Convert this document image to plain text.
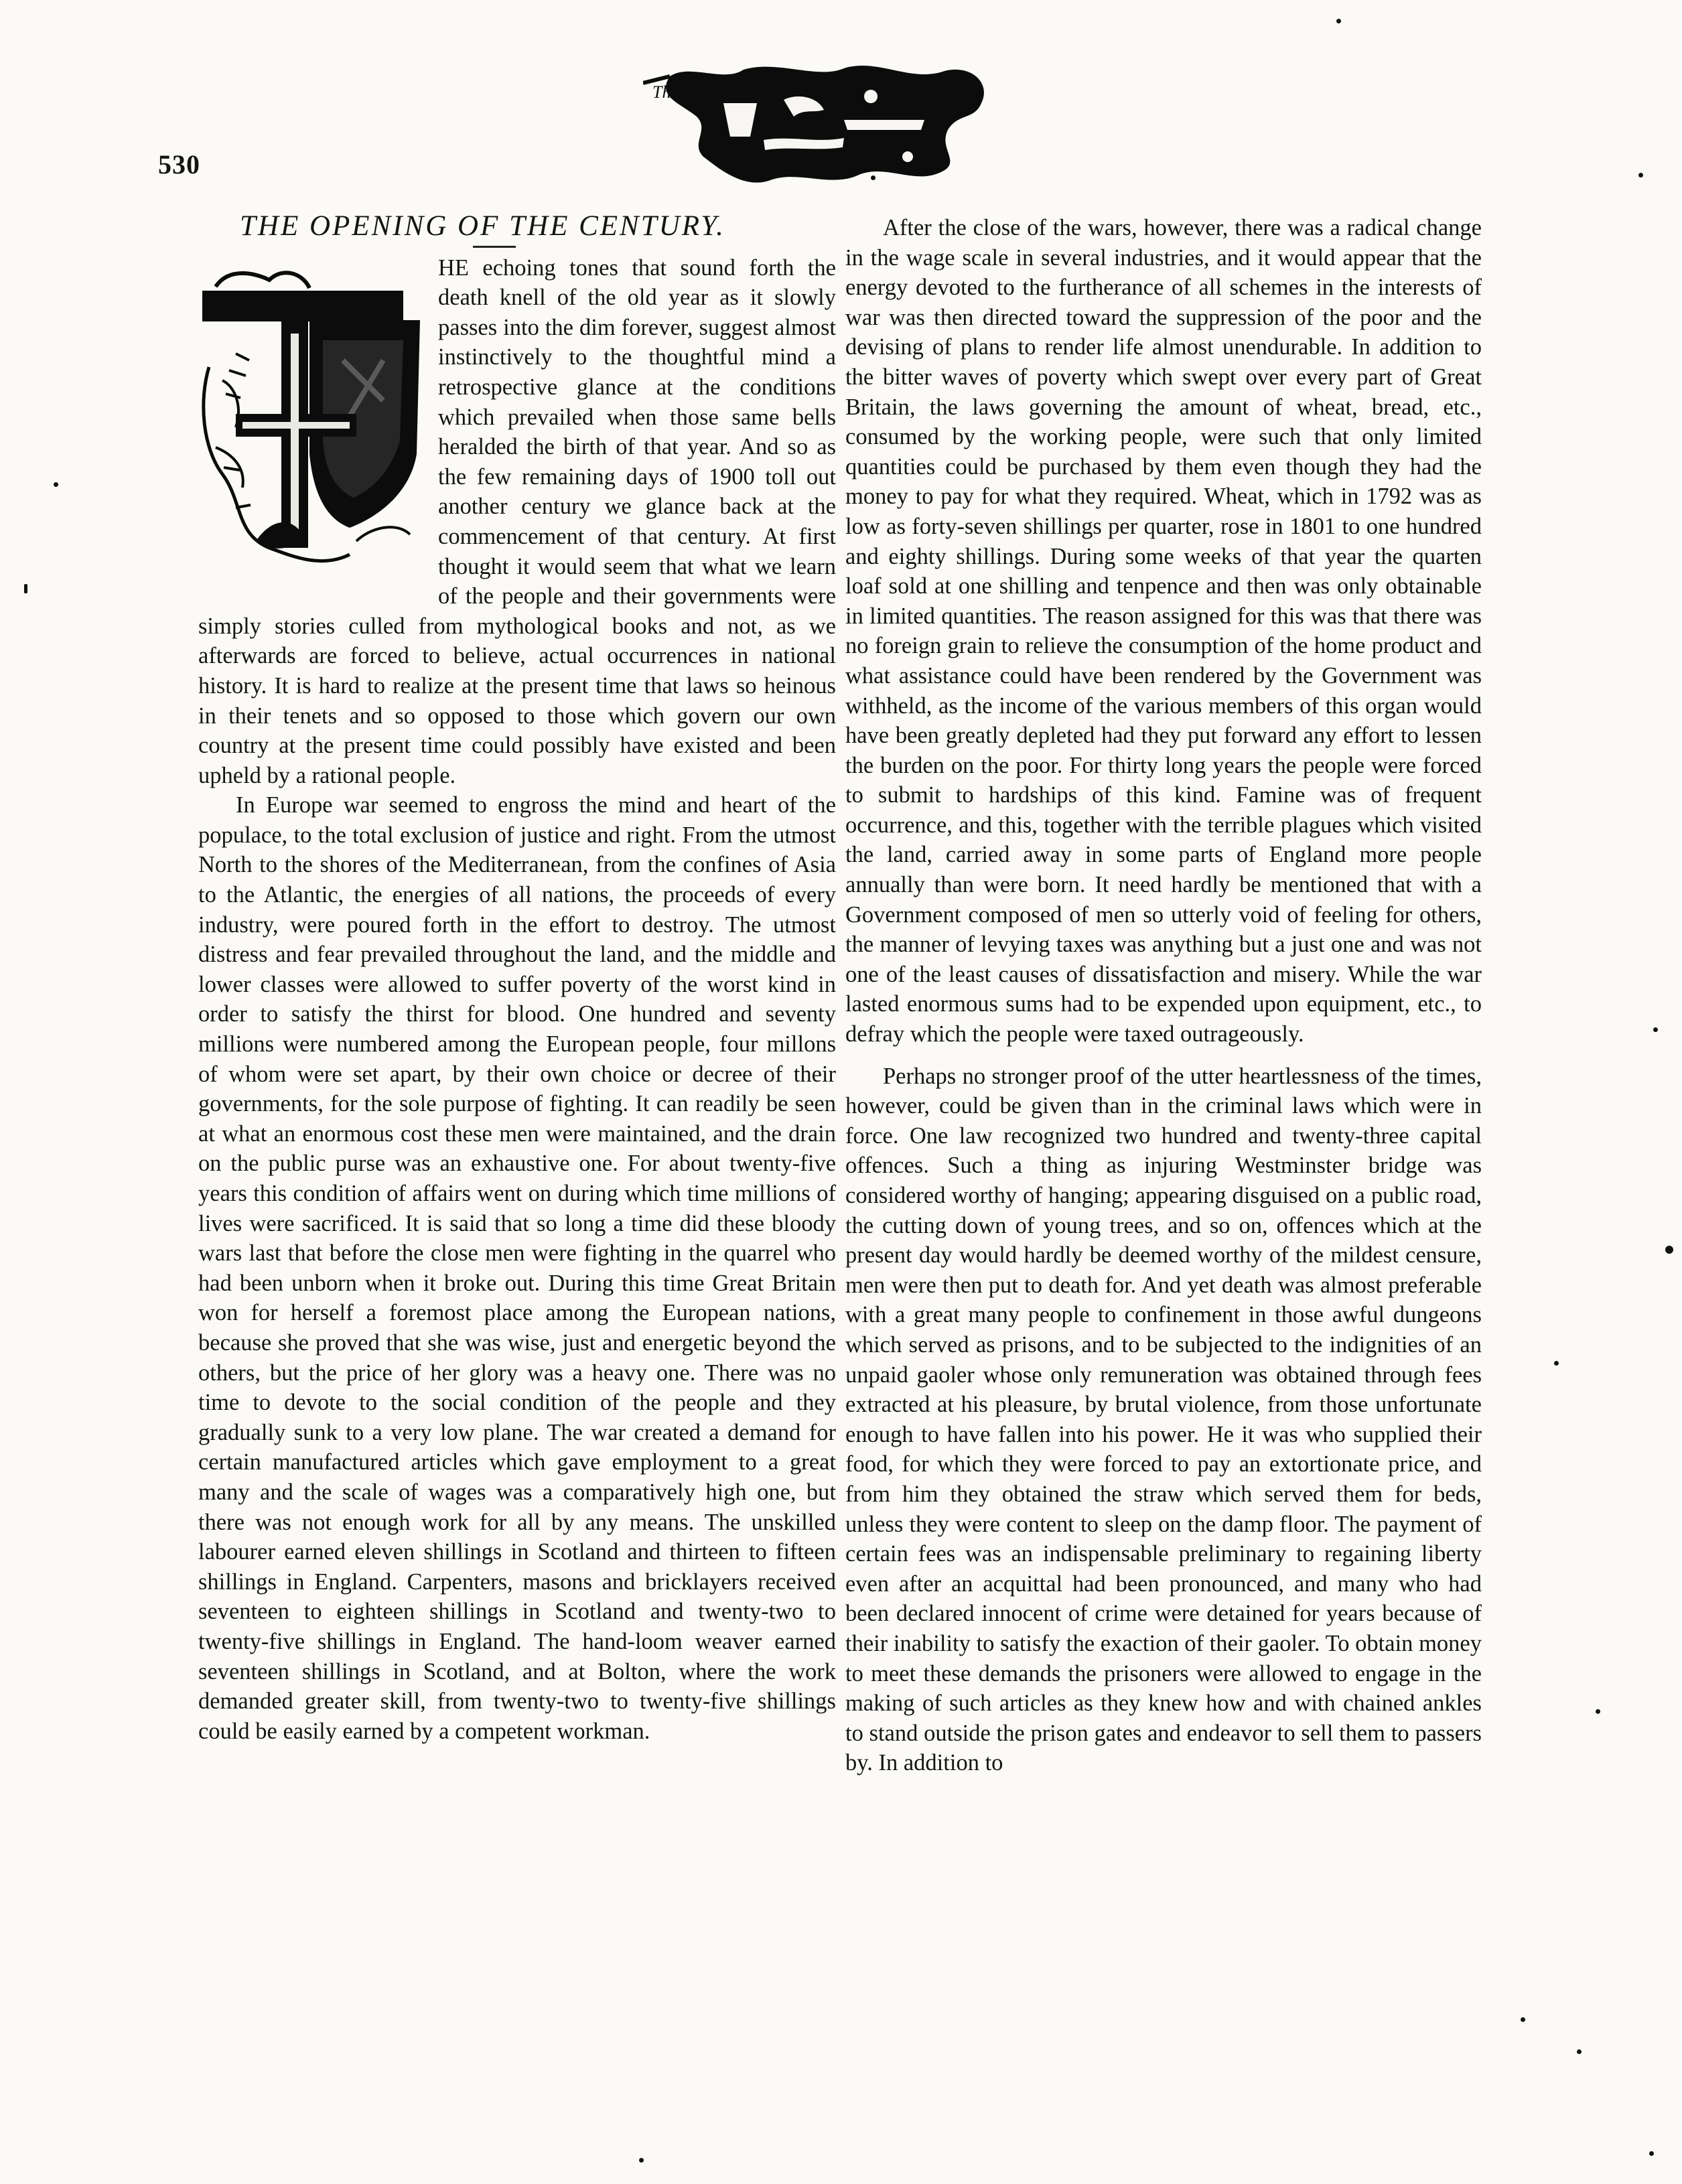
530
The
THE OPENING OF THE CENTURY.

HE echoing tones that sound forth the death knell of the old year as it slowly passes into the dim forever, suggest almost instinctively to the thoughtful mind a retrospective glance at the conditions which prevailed when those same bells heralded the birth of that year. And so as the few remaining days of 1900 toll out another century we glance back at the commencement of that century. At first thought it would seem that what we learn of the people and their governments were simply stories culled from mythological books and not, as we afterwards are forced to believe, actual occurrences in national history. It is hard to realize at the present time that laws so heinous in their tenets and so opposed to those which govern our own country at the present time could possibly have existed and been upheld by a rational people.

In Europe war seemed to engross the mind and heart of the populace, to the total exclusion of justice and right. From the utmost North to the shores of the Mediterranean, from the confines of Asia to the Atlantic, the energies of all nations, the proceeds of every industry, were poured forth in the effort to destroy. The utmost distress and fear prevailed throughout the land, and the middle and lower classes were allowed to suffer poverty of the worst kind in order to satisfy the thirst for blood. One hundred and seventy millions were numbered among the European people, four millons of whom were set apart, by their own choice or decree of their governments, for the sole purpose of fighting. It can readily be seen at what an enormous cost these men were maintained, and the drain on the public purse was an exhaustive one. For about twenty-five years this condition of affairs went on during which time millions of lives were sacrificed. It is said that so long a time did these bloody wars last that before the close men were fighting in the quarrel who had been unborn when it broke out. During this time Great Britain won for herself a foremost place among the European nations, because she proved that she was wise, just and energetic beyond the others, but the price of her glory was a heavy one. There was no time to devote to the social condition of the people and they gradually sunk to a very low plane. The war created a demand for certain manufactured articles which gave employment to a great many and the scale of wages was a comparatively high one, but there was not enough work for all by any means. The unskilled labourer earned eleven shillings in Scotland and thirteen to fifteen shillings in England. Carpenters, masons and bricklayers received seventeen to eighteen shillings in Scotland and twenty-two to twenty-five shillings in England. The hand-loom weaver earned seventeen shillings in Scotland, and at Bolton, where the work demanded greater skill, from twenty-two to twenty-five shillings could be easily earned by a competent workman.

After the close of the wars, however, there was a radical change in the wage scale in several industries, and it would appear that the energy devoted to the furtherance of all schemes in the interests of war was then directed toward the suppression of the poor and the devising of plans to render life almost unendurable. In addition to the bitter waves of poverty which swept over every part of Great Britain, the laws governing the amount of wheat, bread, etc., consumed by the working people, were such that only limited quantities could be purchased by them even though they had the money to pay for what they required. Wheat, which in 1792 was as low as forty-seven shillings per quarter, rose in 1801 to one hundred and eighty shillings. During some weeks of that year the quarten loaf sold at one shilling and tenpence and then was only obtainable in limited quantities. The reason assigned for this was that there was no foreign grain to relieve the consumption of the home product and what assistance could have been rendered by the Government was withheld, as the income of the various members of this organ would have been greatly depleted had they put forward any effort to lessen the burden on the poor. For thirty long years the people were forced to submit to hardships of this kind. Famine was of frequent occurrence, and this, together with the terrible plagues which visited the land, carried away in some parts of England more people annually than were born. It need hardly be mentioned that with a Government composed of men so utterly void of feeling for others, the manner of levying taxes was anything but a just one and was not one of the least causes of dissatisfaction and misery. While the war lasted enormous sums had to be expended upon equipment, etc., to defray which the people were taxed outrageously.

Perhaps no stronger proof of the utter heartlessness of the times, however, could be given than in the criminal laws which were in force. One law recognized two hundred and twenty-three capital offences. Such a thing as injuring Westminster bridge was considered worthy of hanging; appearing disguised on a public road, the cutting down of young trees, and so on, offences which at the present day would hardly be deemed worthy of the mildest censure, men were then put to death for. And yet death was almost preferable with a great many people to confinement in those awful dungeons which served as prisons, and to be subjected to the indignities of an unpaid gaoler whose only remuneration was obtained through fees extracted at his pleasure, by brutal violence, from those unfortunate enough to have fallen into his power. He it was who supplied their food, for which they were forced to pay an extortionate price, and from him they obtained the straw which served them for beds, unless they were content to sleep on the damp floor. The payment of certain fees was an indispensable preliminary to regaining liberty even after an acquittal had been pronounced, and many who had been declared innocent of crime were detained for years because of their inability to satisfy the exaction of their gaoler. To obtain money to meet these demands the prisoners were allowed to engage in the making of such articles as they knew how and with chained ankles to stand outside the prison gates and endeavor to sell them to passers by. In addition to
